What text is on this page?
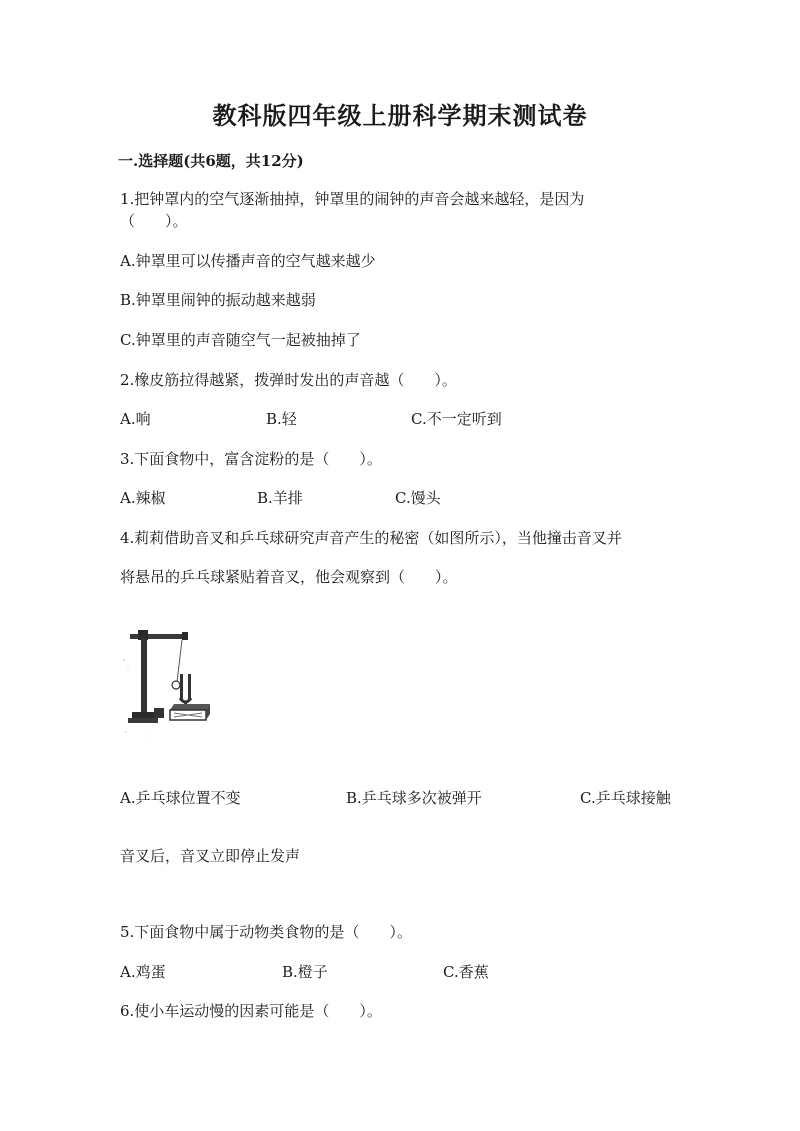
教科版四年级上册科学期末测试卷
一.选择题(共6题，共12分)
1.把钟罩内的空气逐渐抽掉，钟罩里的闹钟的声音会越来越轻，是因为
（　　）。
A.钟罩里可以传播声音的空气越来越少
B.钟罩里闹钟的振动越来越弱
C.钟罩里的声音随空气一起被抽掉了
2.橡皮筋拉得越紧，拨弹时发出的声音越（　　）。
A.响	B.轻	C.不一定听到
3.下面食物中，富含淀粉的是（　　）。
A.辣椒	B.羊排	C.馒头
4.莉莉借助音叉和乒乓球研究声音产生的秘密（如图所示），当他撞击音叉并
将悬吊的乒乓球紧贴着音叉，他会观察到（　　）。
A.乒乓球位置不变	B.乒乓球多次被弹开	C.乒乓球接触
音叉后，音叉立即停止发声
5.下面食物中属于动物类食物的是（　　）。
A.鸡蛋	B.橙子	C.香蕉
6.使小车运动慢的因素可能是（　　）。
